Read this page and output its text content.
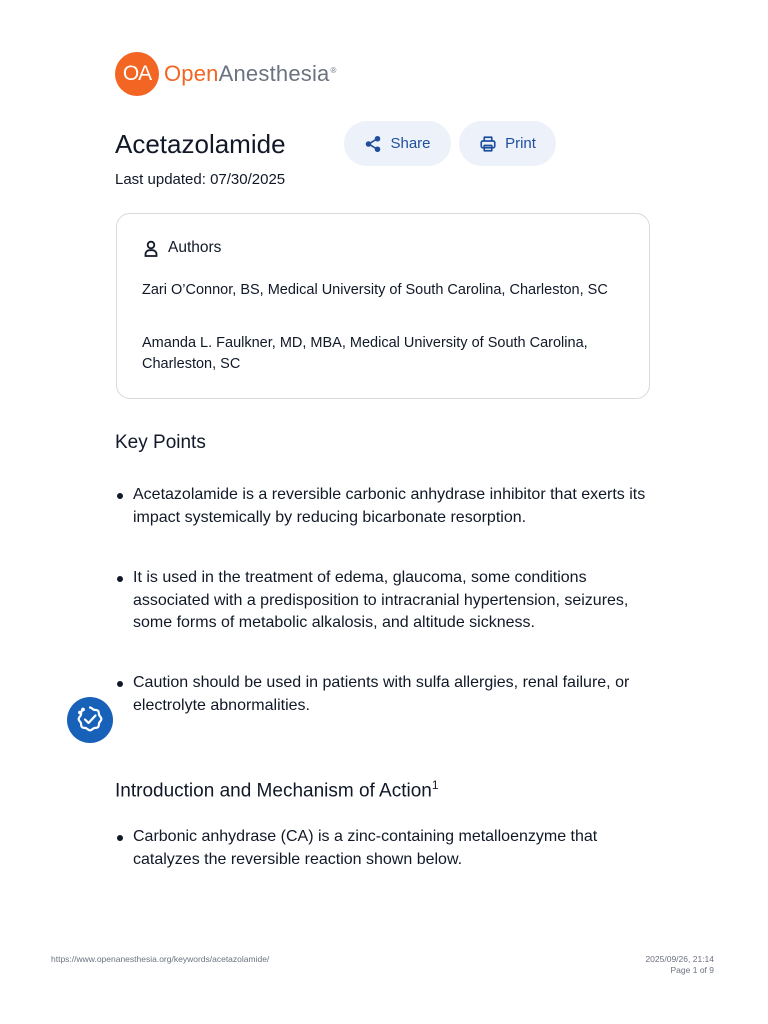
OA OpenAnesthesia®
Acetazolamide	Share	Print
Last updated: 07/30/2025
Authors
Zari O’Connor, BS, Medical University of South Carolina, Charleston, SC
Amanda L. Faulkner, MD, MBA, Medical University of South Carolina, Charleston, SC
Key Points
Acetazolamide is a reversible carbonic anhydrase inhibitor that exerts its impact systemically by reducing bicarbonate resorption.
It is used in the treatment of edema, glaucoma, some conditions associated with a predisposition to intracranial hypertension, seizures, some forms of metabolic alkalosis, and altitude sickness.
Caution should be used in patients with sulfa allergies, renal failure, or electrolyte abnormalities.
Introduction and Mechanism of Action$^1$
Carbonic anhydrase (CA) is a zinc-containing metalloenzyme that catalyzes the reversible reaction shown below.
https://www.openanesthesia.org/keywords/acetazolamide/	2025/09/26, 21:14
Page 1 of 9
